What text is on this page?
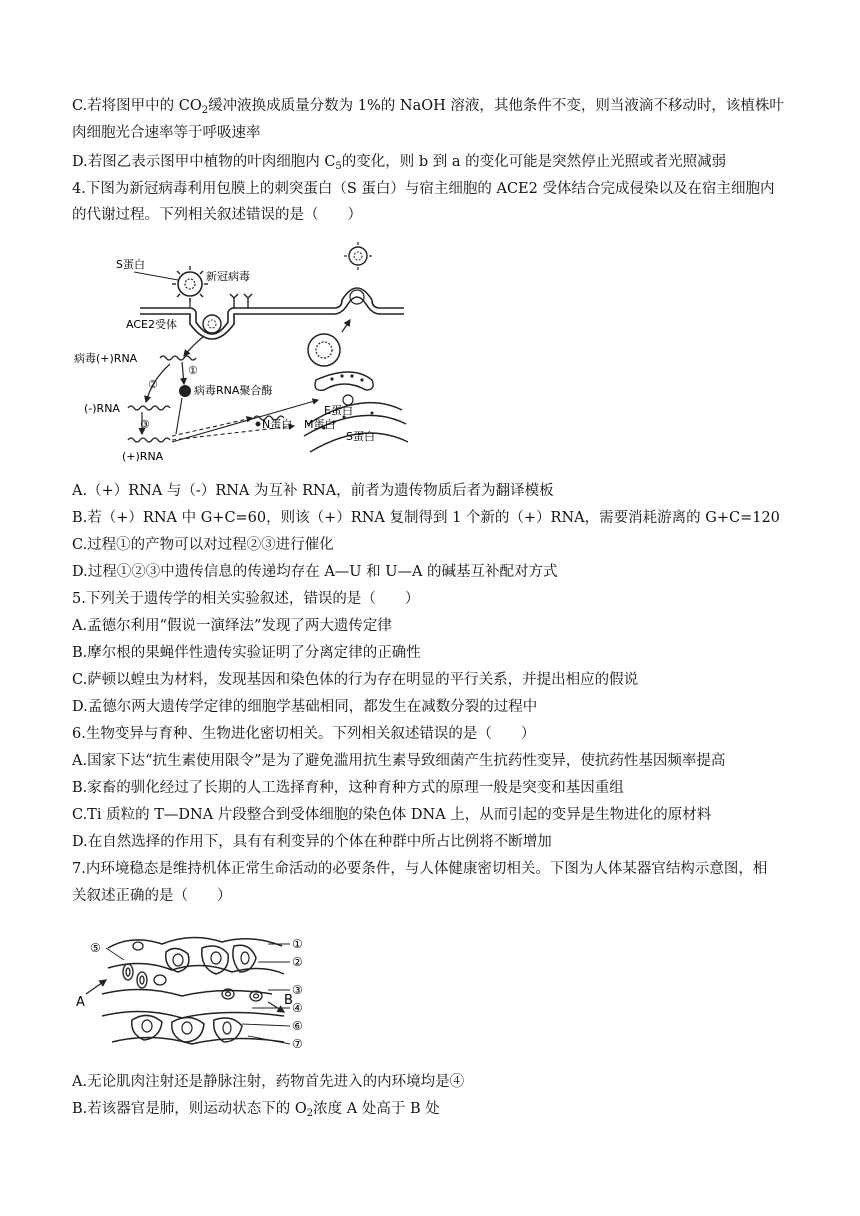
C.若将图甲中的 $CO_2$缓冲液换成质量分数为 1%的 NaOH 溶液，其他条件不变，则当液滴不移动时，该植株叶
肉细胞光合速率等于呼吸速率
D.若图乙表示图甲中植物的叶肉细胞内 $C_5$的变化，则 b 到 a 的变化可能是突然停止光照或者光照减弱
4.下图为新冠病毒利用包膜上的刺突蛋白（S 蛋白）与宿主细胞的 ACE2 受体结合完成侵染以及在宿主细胞内
的代谢过程。下列相关叙述错误的是（　　）
S蛋白
新冠病毒
ACE2受体
病毒(+)RNA
①
②	病毒RNA聚合酶
(-)RNA
③
(+)RNA
N蛋白 M蛋白
E蛋白
S蛋白
A.（+）RNA 与（-）RNA 为互补 RNA，前者为遗传物质后者为翻译模板
B.若（+）RNA 中 G+C=60，则该（+）RNA 复制得到 1 个新的（+）RNA，需要消耗游离的 G+C=120
C.过程①的产物可以对过程②③进行催化
D.过程①②③中遗传信息的传递均存在 A—U 和 U—A 的碱基互补配对方式
5.下列关于遗传学的相关实验叙述，错误的是（　　）
A.孟德尔利用“假说一演绎法”发现了两大遗传定律
B.摩尔根的果蝇伴性遗传实验证明了分离定律的正确性
C.萨顿以蝗虫为材料，发现基因和染色体的行为存在明显的平行关系，并提出相应的假说
D.孟德尔两大遗传学定律的细胞学基础相同，都发生在减数分裂的过程中
6.生物变异与育种、生物进化密切相关。下列相关叙述错误的是（　　）
A.国家下达“抗生素使用限令”是为了避免滥用抗生素导致细菌产生抗药性变异，使抗药性基因频率提高
B.家畜的驯化经过了长期的人工选择育种，这种育种方式的原理一般是突变和基因重组
C.Ti 质粒的 T—DNA 片段整合到受体细胞的染色体 DNA 上，从而引起的变异是生物进化的原材料
D.在自然选择的作用下，具有有利变异的个体在种群中所占比例将不断增加
7.内环境稳态是维持机体正常生命活动的必要条件，与人体健康密切相关。下图为人体某器官结构示意图，相
关叙述正确的是（　　）
①
②
③
④
⑤
⑥
⑦
A	B
A.无论肌肉注射还是静脉注射，药物首先进入的内环境均是④
B.若该器官是肺，则运动状态下的 $O_2$浓度 A 处高于 B 处
